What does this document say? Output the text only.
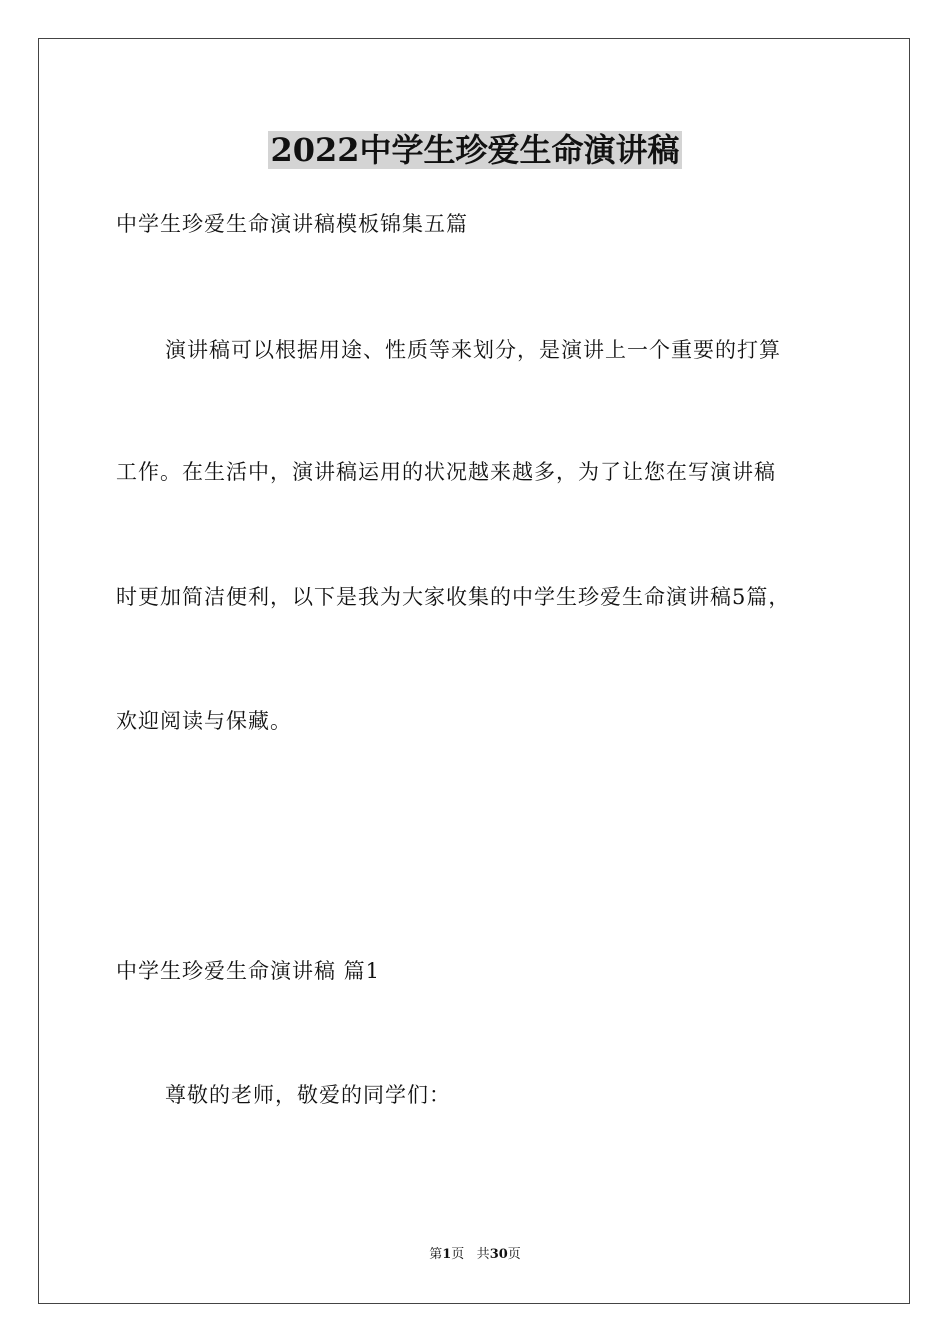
2022中学生珍爱生命演讲稿
中学生珍爱生命演讲稿模板锦集五篇
演讲稿可以根据用途、性质等来划分，是演讲上一个重要的打算
工作。在生活中，演讲稿运用的状况越来越多，为了让您在写演讲稿
时更加简洁便利，以下是我为大家收集的中学生珍爱生命演讲稿5篇，
欢迎阅读与保藏。
中学生珍爱生命演讲稿 篇1
尊敬的老师，敬爱的同学们：
第1页 共30页
